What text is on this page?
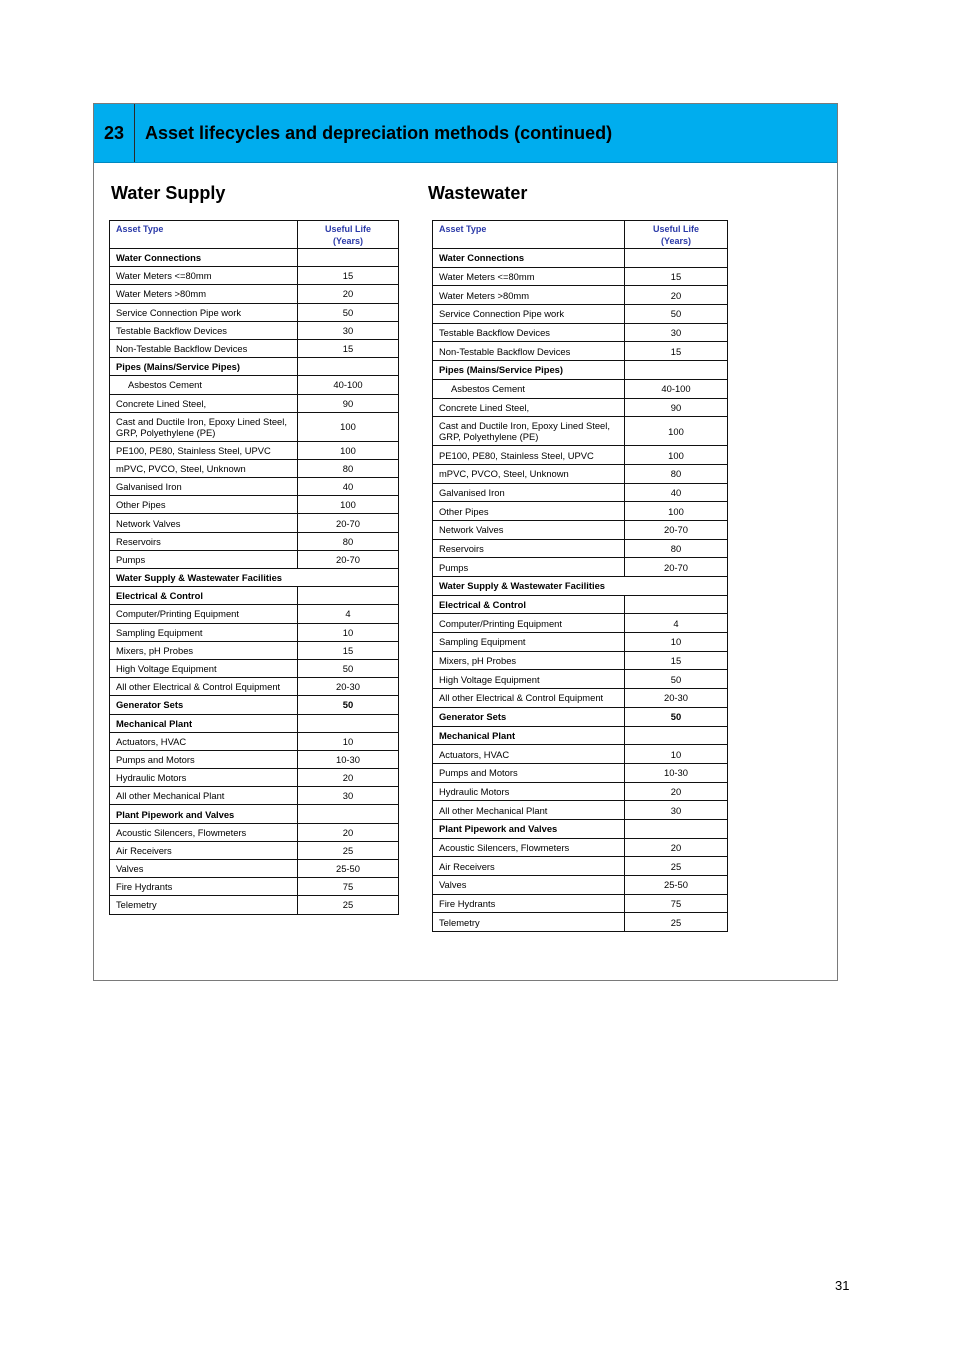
23	Asset lifecycles and depreciation methods (continued)
Water Supply	Wastewater
Asset Type	Useful Life
(Years)
Water Connections	
Water Meters <=80mm	15
Water Meters >80mm	20
Service Connection Pipe work	50
Testable Backflow Devices	30
Non-Testable Backflow Devices	15
Pipes (Mains/Service Pipes)	
Asbestos Cement	40-100
Concrete Lined Steel,	90
Cast and Ductile Iron, Epoxy Lined Steel, GRP, Polyethylene (PE)	100
PE100, PE80, Stainless Steel, UPVC	100
mPVC, PVCO, Steel, Unknown	80
Galvanised Iron	40
Other Pipes	100
Network Valves	20-70
Reservoirs	80
Pumps	20-70
Water Supply & Wastewater Facilities	
Electrical & Control	
Computer/Printing Equipment	4
Sampling Equipment	10
Mixers, pH Probes	15
High Voltage Equipment	50
All other Electrical & Control Equipment	20-30
Generator Sets	50
Mechanical Plant	
Actuators, HVAC	10
Pumps and Motors	10-30
Hydraulic Motors	20
All other Mechanical Plant	30
Plant Pipework and Valves	
Acoustic Silencers, Flowmeters	20
Air Receivers	25
Valves	25-50
Fire Hydrants	75
Telemetry	25
Asset Type	Useful Life
(Years)
Water Connections	
Water Meters <=80mm	15
Water Meters >80mm	20
Service Connection Pipe work	50
Testable Backflow Devices	30
Non-Testable Backflow Devices	15
Pipes (Mains/Service Pipes)	
Asbestos Cement	40-100
Concrete Lined Steel,	90
Cast and Ductile Iron, Epoxy Lined Steel, GRP, Polyethylene (PE)	100
PE100, PE80, Stainless Steel, UPVC	100
mPVC, PVCO, Steel, Unknown	80
Galvanised Iron	40
Other Pipes	100
Network Valves	20-70
Reservoirs	80
Pumps	20-70
Water Supply & Wastewater Facilities	
Electrical & Control	
Computer/Printing Equipment	4
Sampling Equipment	10
Mixers, pH Probes	15
High Voltage Equipment	50
All other Electrical & Control Equipment	20-30
Generator Sets	50
Mechanical Plant	
Actuators, HVAC	10
Pumps and Motors	10-30
Hydraulic Motors	20
All other Mechanical Plant	30
Plant Pipework and Valves	
Acoustic Silencers, Flowmeters	20
Air Receivers	25
Valves	25-50
Fire Hydrants	75
Telemetry	25
31
